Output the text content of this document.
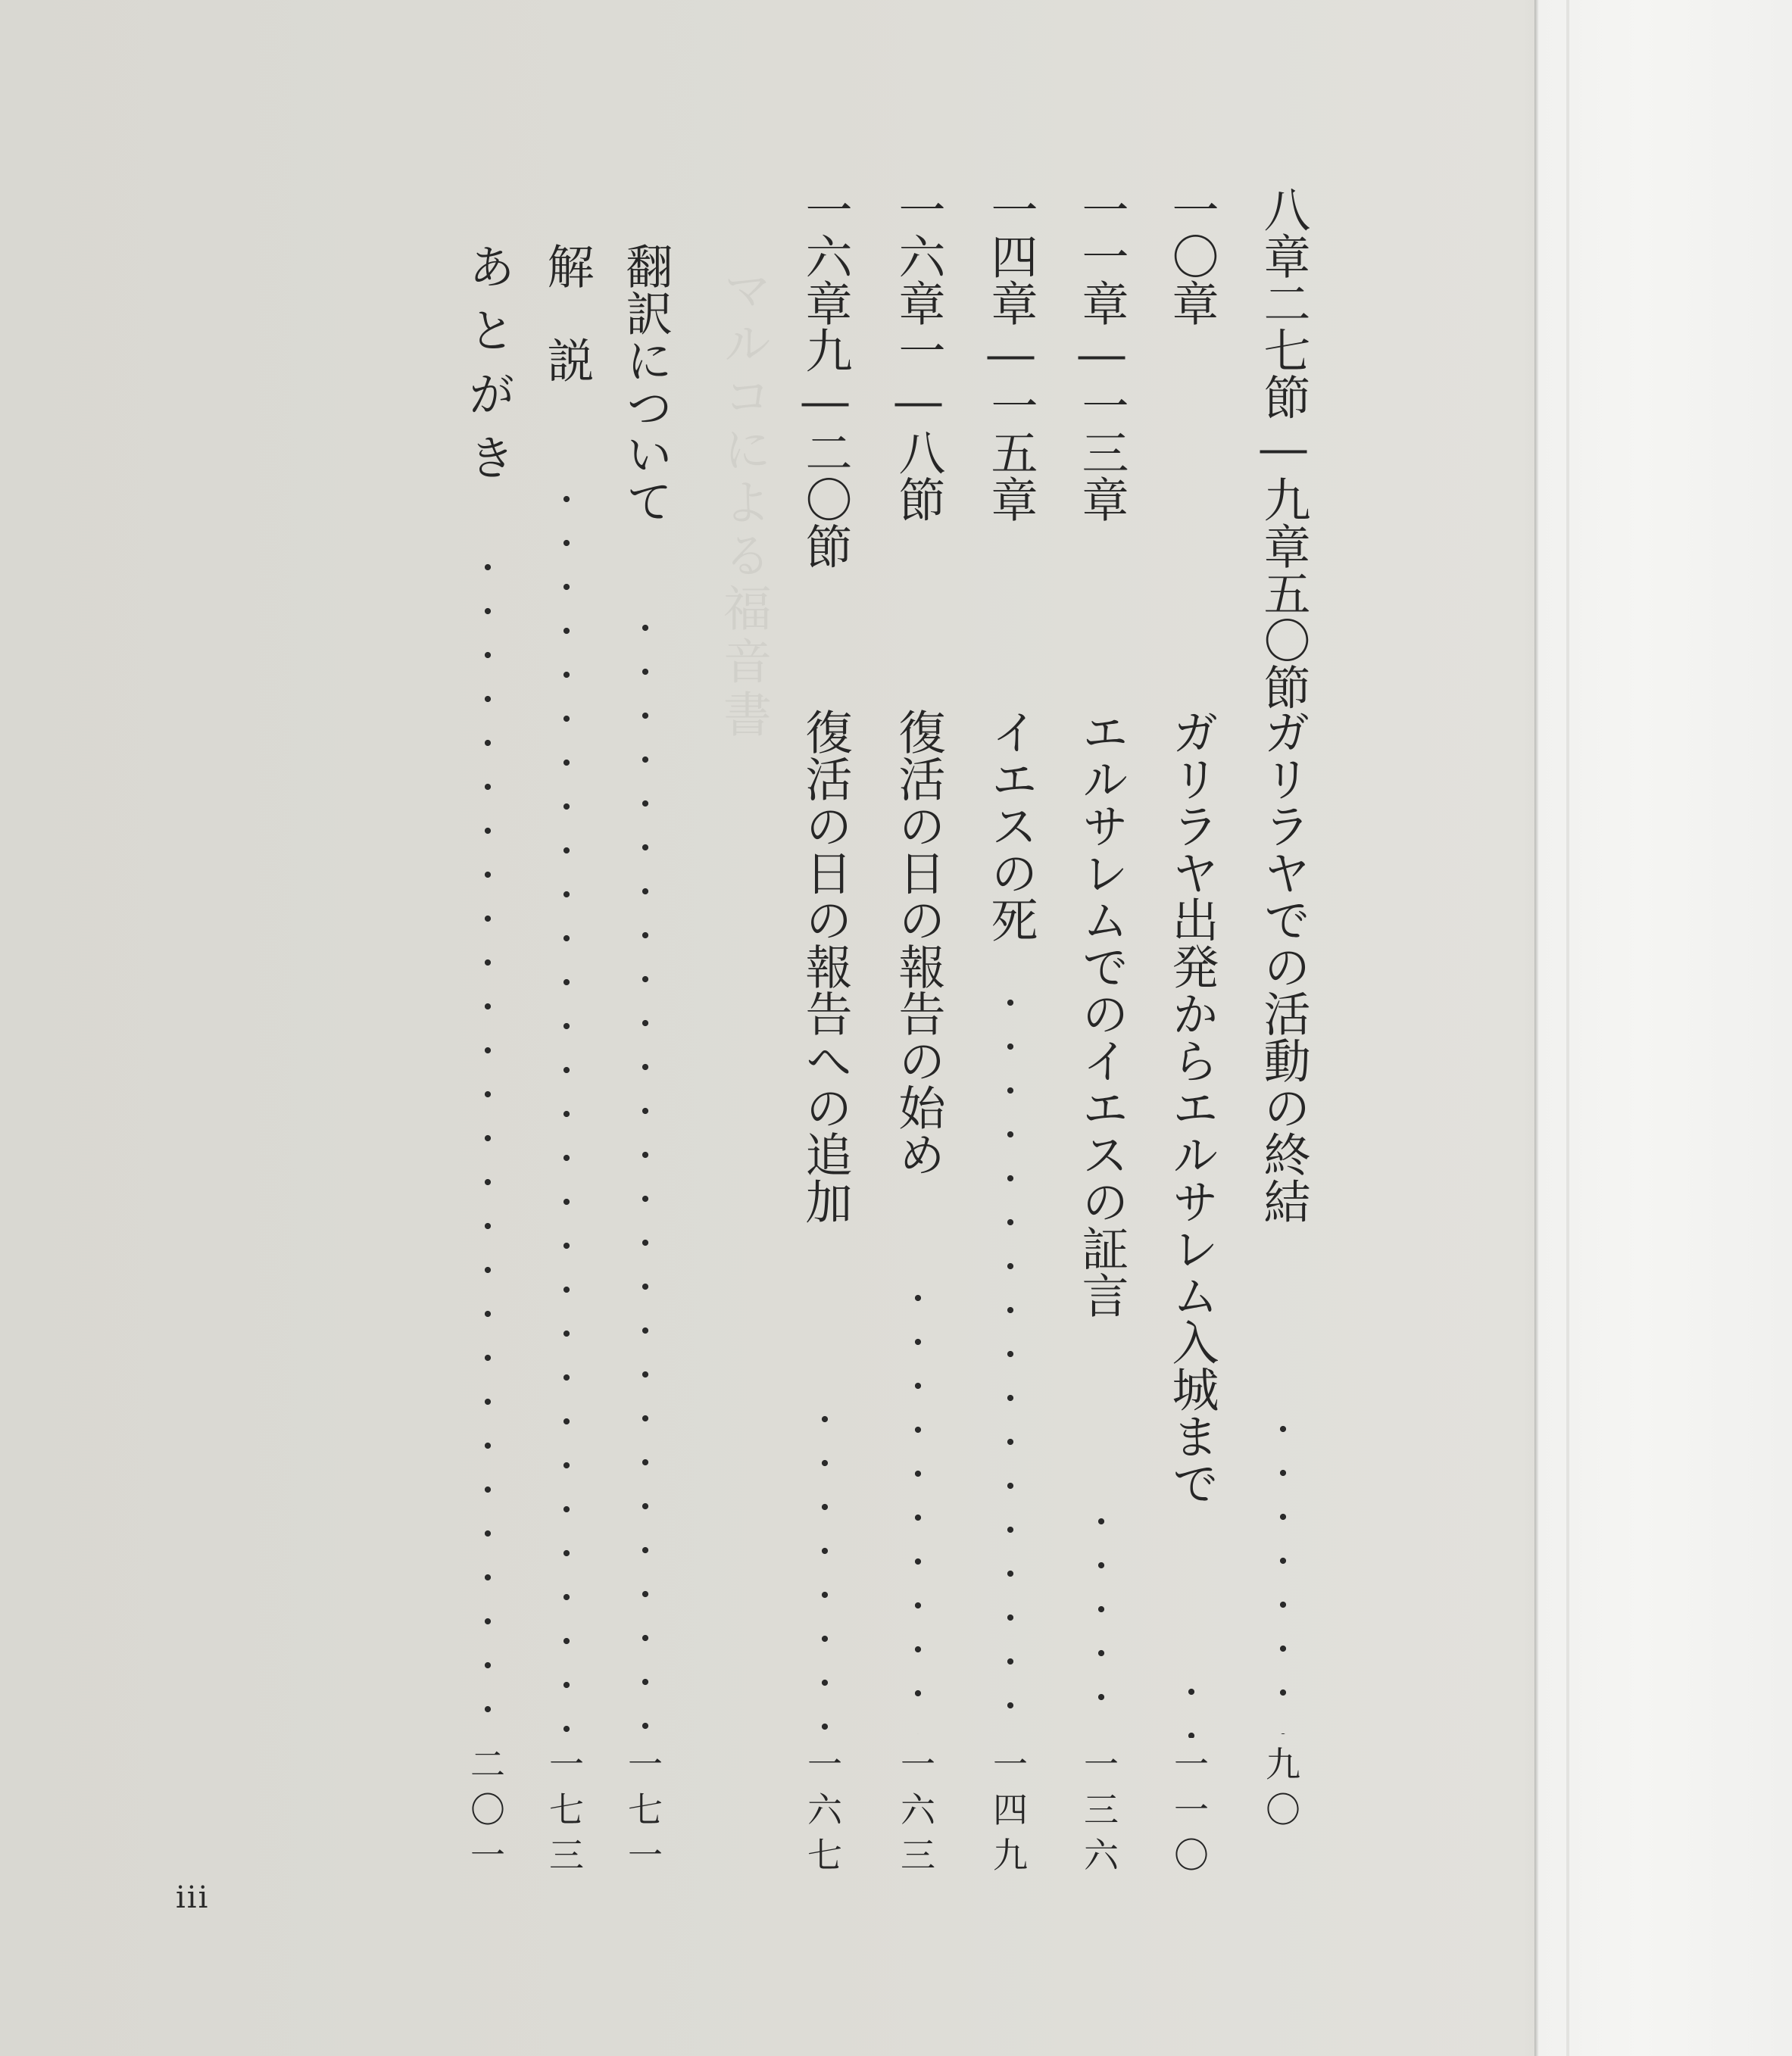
マルコによる福音書	八章二七節―九章五〇節
ガリラヤでの活動の終結
九〇
一〇章
ガリラヤ出発からエルサレム入城まで
一一〇
一一章―一三章
エルサレムでのイエスの証言
一三六
一四章―一五章
イエスの死
一四九
一六章一―八節
復活の日の報告の始め
一六三
一六章九―二〇節
復活の日の報告への追加
一六七
翻訳について
一七一
解　説
一七三
あとがき
二〇一
iii
